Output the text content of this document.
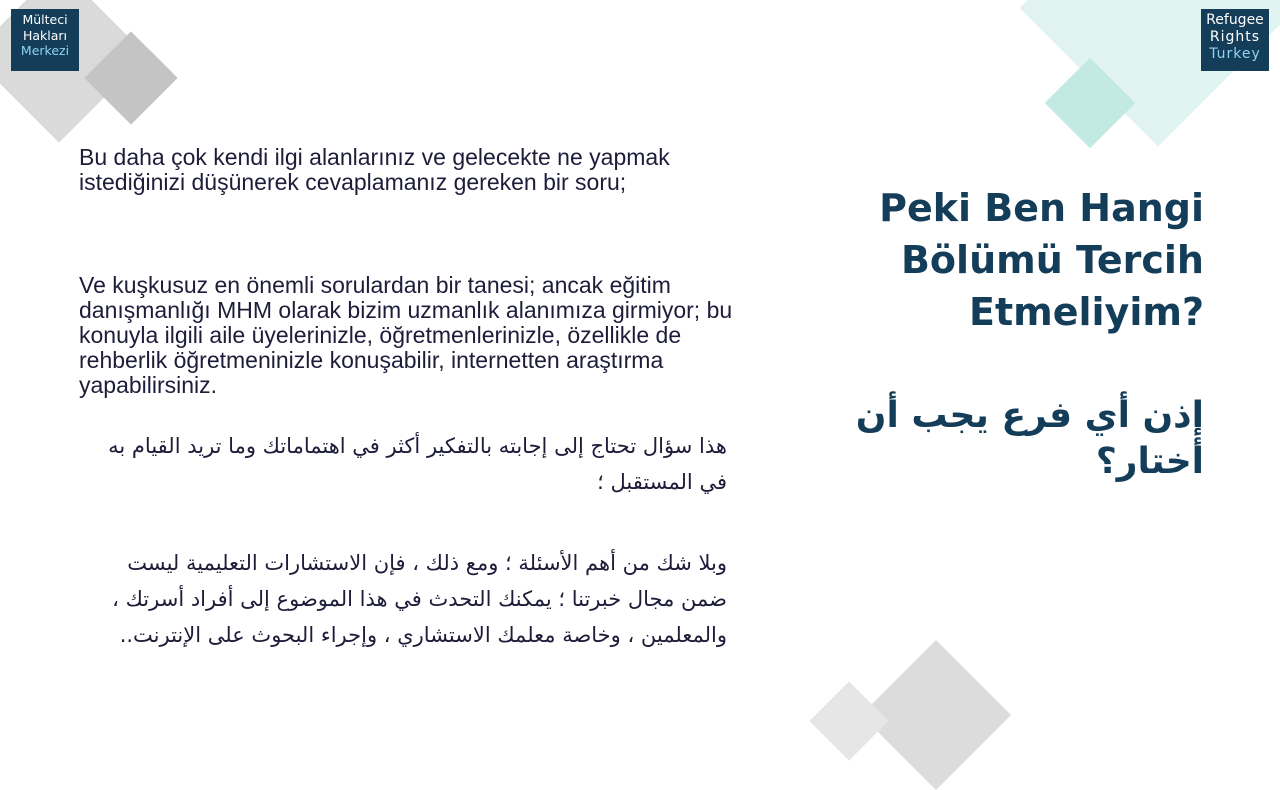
Mülteci
Hakları
Merkezi
Refugee
Rights
Turkey
Peki Ben Hangi Bölümü Tercih Etmeliyim?
إذن أي فرع يجب أن أختار؟

Bu daha çok kendi ilgi alanlarınız ve gelecekte ne yapmak istediğinizi düşünerek cevaplamanız gereken bir soru;

Ve kuşkusuz en önemli sorulardan bir tanesi; ancak eğitim danışmanlığı MHM olarak bizim uzmanlık alanımıza girmiyor; bu konuyla ilgili aile üyelerinizle, öğretmenlerinizle, özellikle de rehberlik öğretmeninizle konuşabilir, internetten araştırma yapabilirsiniz.

هذا سؤال تحتاج إلى إجابته بالتفكير أكثر في اهتماماتك وما تريد القيام به في المستقبل ؛

وبلا شك من أهم الأسئلة ؛ ومع ذلك ، فإن الاستشارات التعليمية ليست ضمن مجال خبرتنا ؛ يمكنك التحدث في هذا الموضوع إلى أفراد أسرتك ، والمعلمين ، وخاصة معلمك الاستشاري ، وإجراء البحوث على الإنترنت..
